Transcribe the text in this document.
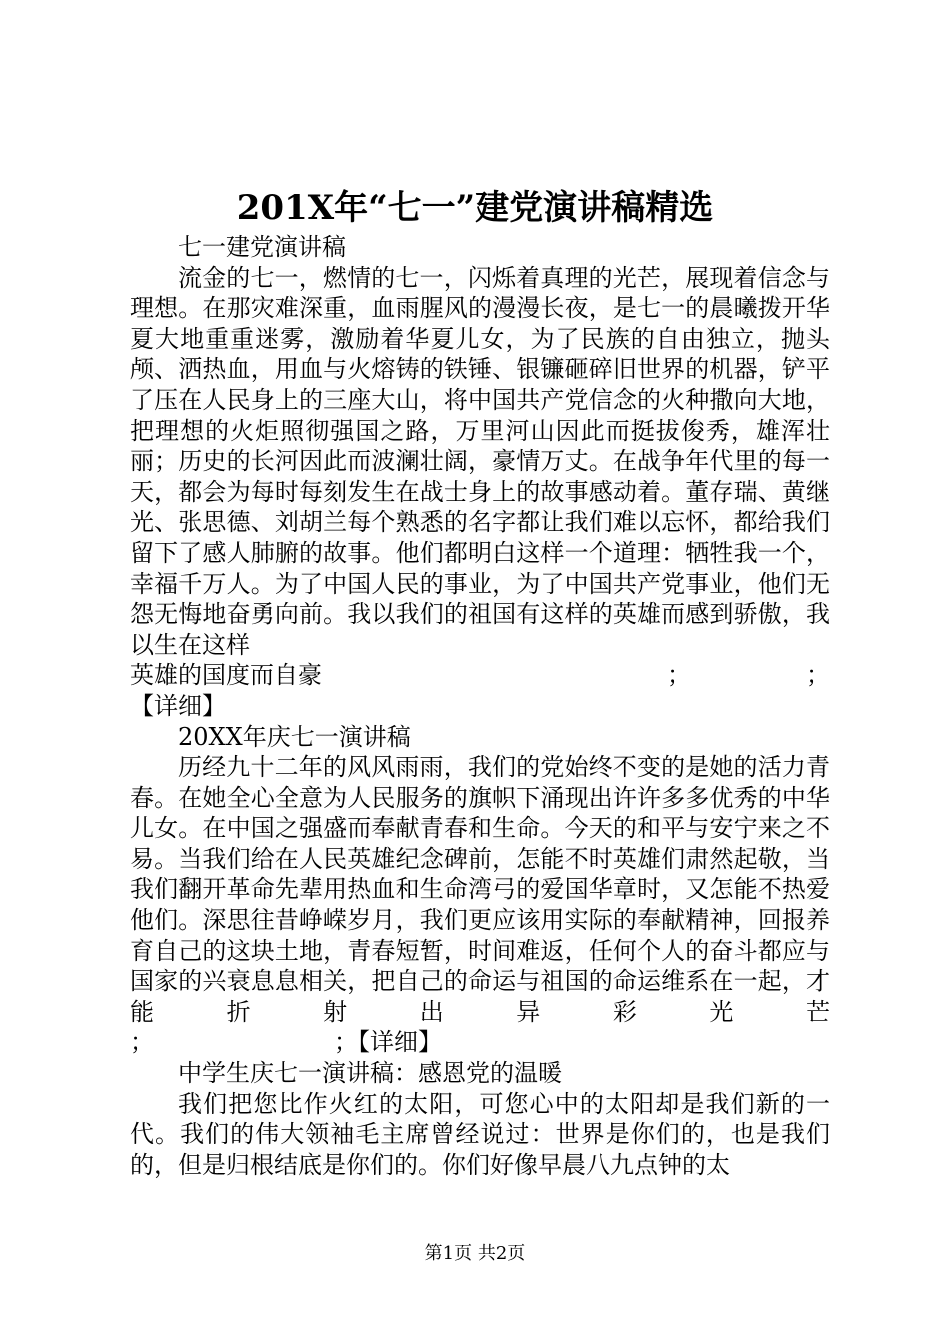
201X年“七一”建党演讲稿精选

七一建党演讲稿

流金的七一，燃情的七一，闪烁着真理的光芒，展现着信念与理想。在那灾难深重，血雨腥风的漫漫长夜，是七一的晨曦拨开华夏大地重重迷雾，激励着华夏儿女，为了民族的自由独立，抛头颅、洒热血，用血与火熔铸的铁锤、银镰砸碎旧世界的机器，铲平了压在人民身上的三座大山，将中国共产党信念的火种撒向大地，把理想的火炬照彻强国之路，万里河山因此而挺拔俊秀，雄浑壮丽；历史的长河因此而波澜壮阔，豪情万丈。在战争年代里的每一天，都会为每时每刻发生在战士身上的故事感动着。董存瑞、黄继光、张思德、刘胡兰每个熟悉的名字都让我们难以忘怀，都给我们留下了感人肺腑的故事。他们都明白这样一个道理：牺牲我一个，幸福千万人。为了中国人民的事业，为了中国共产党事业，他们无怨无悔地奋勇向前。我以我们的祖国有这样的英雄而感到骄傲，我以生在这样

英雄的国度而自豪	；	；

【详细】

20XX年庆七一演讲稿

历经九十二年的风风雨雨，我们的党始终不变的是她的活力青春。在她全心全意为人民服务的旗帜下涌现出许许多多优秀的中华儿女。在中国之强盛而奉献青春和生命。今天的和平与安宁来之不易。当我们给在人民英雄纪念碑前，怎能不时英雄们肃然起敬，当我们翻开革命先辈用热血和生命湾弓的爱国华章时，又怎能不热爱他们。深思往昔峥嵘岁月，我们更应该用实际的奉献精神，回报养育自己的这块土地，青春短暂，时间难返，任何个人的奋斗都应与国家的兴衰息息相关，把自己的命运与祖国的命运维系在一起，才能折射出异彩光芒

；	；【详细】

中学生庆七一演讲稿：感恩党的温暖

我们把您比作火红的太阳，可您心中的太阳却是我们新的一代。我们的伟大领袖毛主席曾经说过：世界是你们的，也是我们的，但是归根结底是你们的。你们好像早晨八九点钟的太

第1页 共2页
